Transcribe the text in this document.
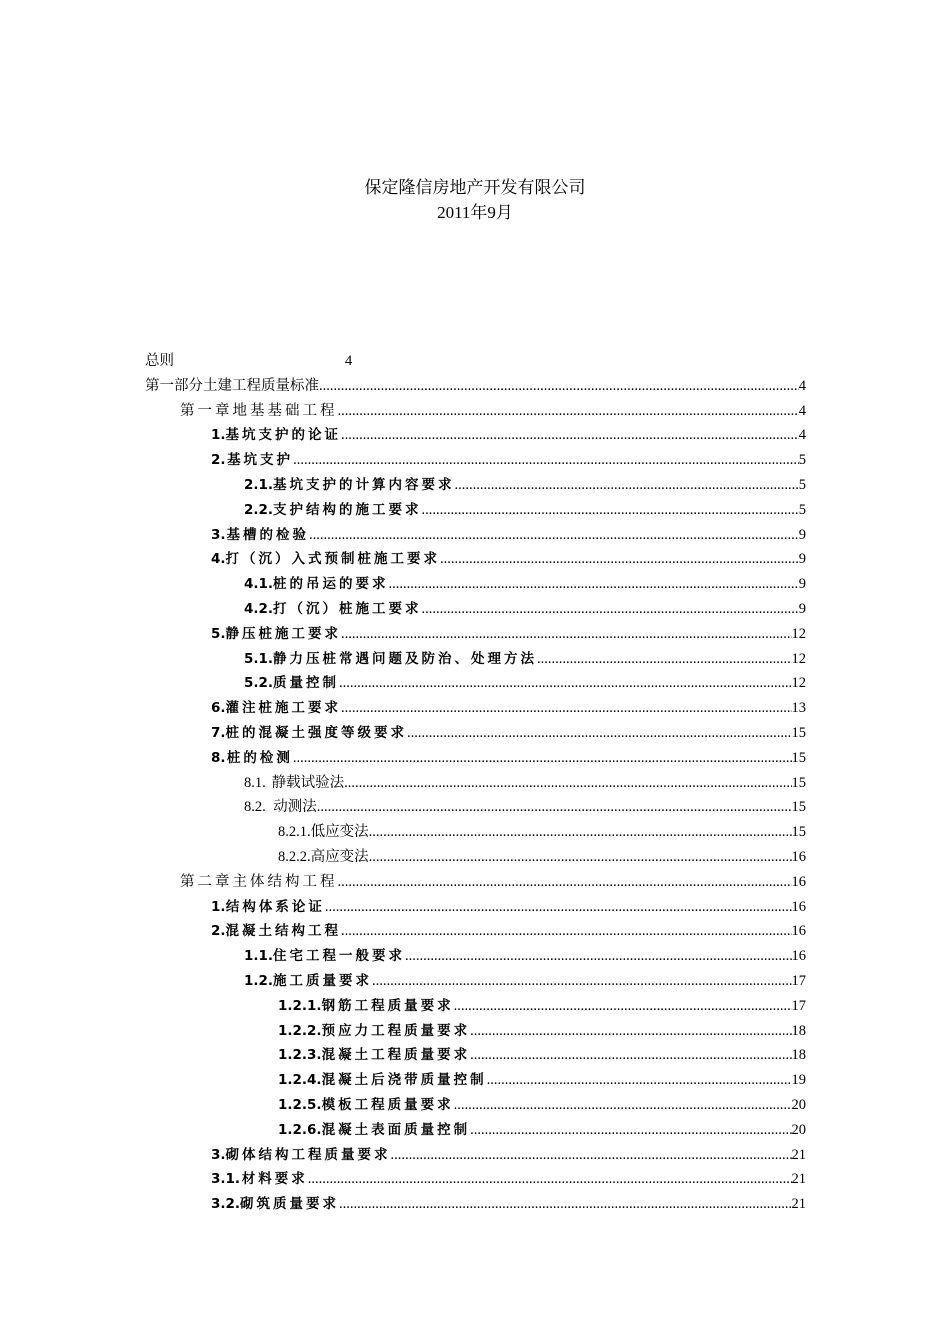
保定隆信房地产开发有限公司
2011年9月
总则	4
第一部分 土建工程质量标准 .....	4
第一章 地基基础工程 .....	4
1. 基坑支护的论证 .....	4
2. 基坑支护 .....	5
2.1. 基坑支护的计算内容要求 .....	5
2.2. 支护结构的施工要求 .....	5
3. 基槽的检验 .....	9
4. 打（沉）入式预制桩施工要求 .....	9
4.1. 桩的吊运的要求 .....	9
4.2. 打（沉）桩施工要求 .....	9
5. 静压桩施工要求 .....	12
5.1. 静力压桩常遇问题及防治、处理方法 .....	12
5.2. 质量控制 .....	12
6. 灌注桩施工要求 .....	13
7. 桩的混凝土强度等级要求 .....	15
8. 桩的检测 .....	15
8.1. 静载试验法 .....	15
8.2. 动测法 .....	15
8.2.1. 低应变法 .....	15
8.2.2. 高应变法 .....	16
第二章 主体结构工程 .....	16
1. 结构体系论证 .....	16
2. 混凝土结构工程 .....	16
1.1. 住宅工程一般要求 .....	16
1.2. 施工质量要求 .....	17
1.2.1. 钢筋工程质量要求 .....	17
1.2.2. 预应力工程质量要求 .....	18
1.2.3. 混凝土工程质量要求 .....	18
1.2.4. 混凝土后浇带质量控制 .....	19
1.2.5. 模板工程质量要求 .....	20
1.2.6. 混凝土表面质量控制 .....	20
3. 砌体结构工程质量要求 .....	21
3.1. 材料要求 .....	21
3.2. 砌筑质量要求 .....	21
